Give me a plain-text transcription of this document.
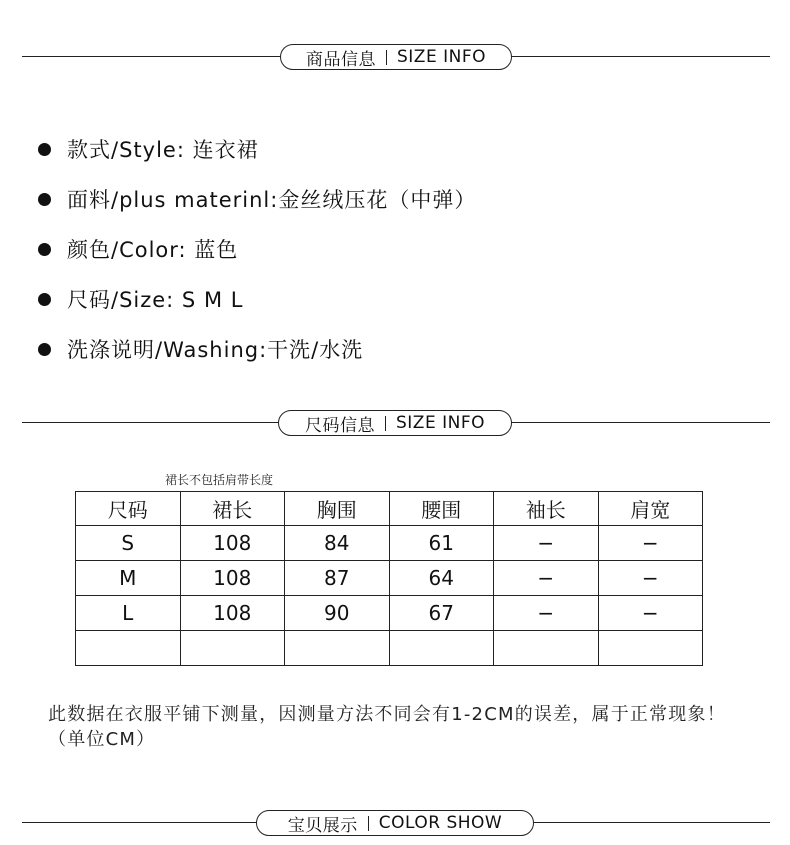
商品信息 SIZE INFO
款式/Style: 连衣裙
面料/plus materinl:金丝绒压花（中弹）
颜色/Color: 蓝色
尺码/Size: S M L
洗涤说明/Washing:干洗/水洗
尺码信息 SIZE INFO
裙长不包括肩带长度
尺码	裙长	胸围	腰围	袖长	肩宽
S	108	84	61	−	−
M	108	87	64	−	−
L	108	90	67	−	−

此数据在衣服平铺下测量，因测量方法不同会有1-2CM的误差，属于正常现象！（单位CM）
宝贝展示 COLOR SHOW
